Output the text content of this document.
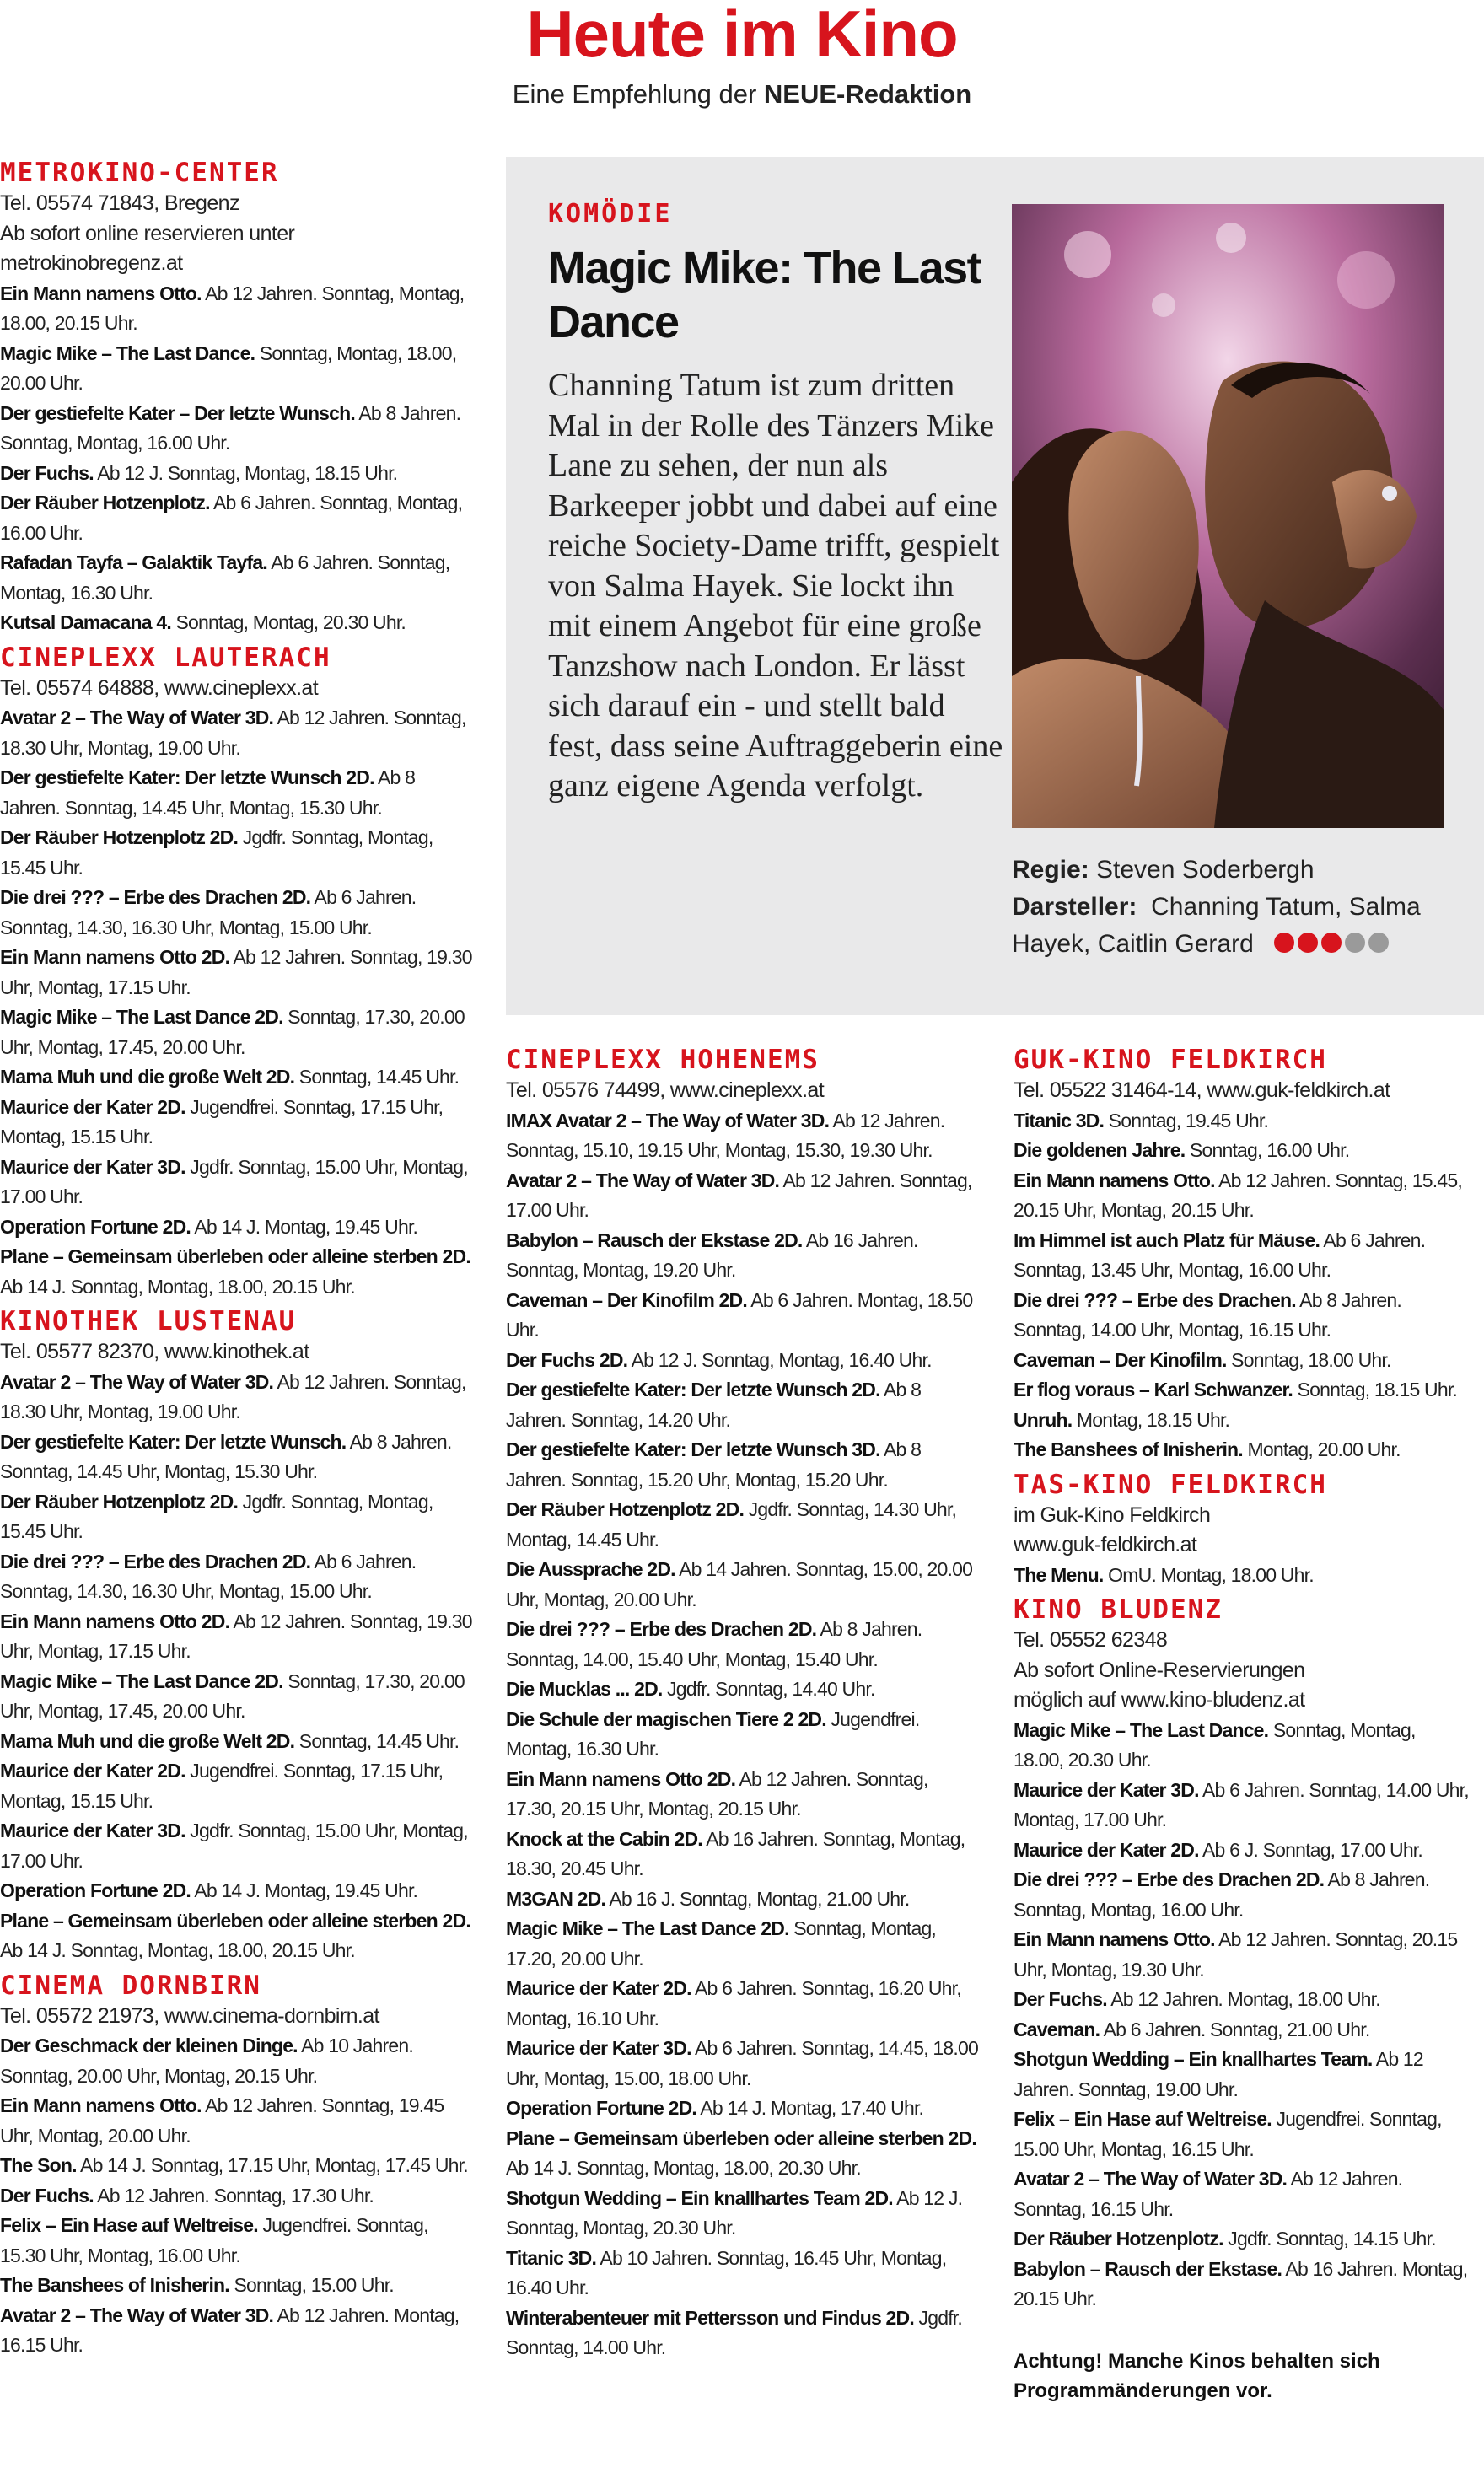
Heute im Kino
Eine Empfehlung der NEUE-Redaktion
METROKINO-CENTER
Tel. 05574 71843, Bregenz
Ab sofort online reservieren unter
metrokinobregenz.at
Ein Mann namens Otto. Ab 12 Jahren. Sonntag, Montag, 18.00, 20.15 Uhr.
Magic Mike – The Last Dance. Sonntag, Montag, 18.00, 20.00 Uhr.
Der gestiefelte Kater – Der letzte Wunsch. Ab 8 Jahren. Sonntag, Montag, 16.00 Uhr.
Der Fuchs. Ab 12 J. Sonntag, Montag, 18.15 Uhr.
Der Räuber Hotzenplotz. Ab 6 Jahren. Sonntag, Montag, 16.00 Uhr.
Rafadan Tayfa – Galaktik Tayfa. Ab 6 Jahren. Sonntag, Montag, 16.30 Uhr.
Kutsal Damacana 4. Sonntag, Montag, 20.30 Uhr.
CINEPLEXX LAUTERACH
Tel. 05574 64888, www.cineplexx.at
Avatar 2 – The Way of Water 3D. Ab 12 Jahren. Sonntag, 18.30 Uhr, Montag, 19.00 Uhr.
Der gestiefelte Kater: Der letzte Wunsch 2D. Ab 8 Jahren. Sonntag, 14.45 Uhr, Montag, 15.30 Uhr.
Der Räuber Hotzenplotz 2D. Jgdfr. Sonntag, Montag, 15.45 Uhr.
Die drei ??? – Erbe des Drachen 2D. Ab 6 Jahren. Sonntag, 14.30, 16.30 Uhr, Montag, 15.00 Uhr.
Ein Mann namens Otto 2D. Ab 12 Jahren. Sonntag, 19.30 Uhr, Montag, 17.15 Uhr.
Magic Mike – The Last Dance 2D. Sonntag, 17.30, 20.00 Uhr, Montag, 17.45, 20.00 Uhr.
Mama Muh und die große Welt 2D. Sonntag, 14.45 Uhr.
Maurice der Kater 2D. Jugendfrei. Sonntag, 17.15 Uhr, Montag, 15.15 Uhr.
Maurice der Kater 3D. Jgdfr. Sonntag, 15.00 Uhr, Montag, 17.00 Uhr.
Operation Fortune 2D. Ab 14 J. Montag, 19.45 Uhr.
Plane – Gemeinsam überleben oder alleine sterben 2D. Ab 14 J. Sonntag, Montag, 18.00, 20.15 Uhr.
KINOTHEK LUSTENAU
Tel. 05577 82370, www.kinothek.at
Avatar 2 – The Way of Water 3D. Ab 12 Jahren. Sonntag, 18.30 Uhr, Montag, 19.00 Uhr.
Der gestiefelte Kater: Der letzte Wunsch. Ab 8 Jahren. Sonntag, 14.45 Uhr, Montag, 15.30 Uhr.
Der Räuber Hotzenplotz 2D. Jgdfr. Sonntag, Montag, 15.45 Uhr.
Die drei ??? – Erbe des Drachen 2D. Ab 6 Jahren. Sonntag, 14.30, 16.30 Uhr, Montag, 15.00 Uhr.
Ein Mann namens Otto 2D. Ab 12 Jahren. Sonntag, 19.30 Uhr, Montag, 17.15 Uhr.
Magic Mike – The Last Dance 2D. Sonntag, 17.30, 20.00 Uhr, Montag, 17.45, 20.00 Uhr.
Mama Muh und die große Welt 2D. Sonntag, 14.45 Uhr.
Maurice der Kater 2D. Jugendfrei. Sonntag, 17.15 Uhr, Montag, 15.15 Uhr.
Maurice der Kater 3D. Jgdfr. Sonntag, 15.00 Uhr, Montag, 17.00 Uhr.
Operation Fortune 2D. Ab 14 J. Montag, 19.45 Uhr.
Plane – Gemeinsam überleben oder alleine sterben 2D. Ab 14 J. Sonntag, Montag, 18.00, 20.15 Uhr.
CINEMA DORNBIRN
Tel. 05572 21973, www.cinema-dornbirn.at
Der Geschmack der kleinen Dinge. Ab 10 Jahren. Sonntag, 20.00 Uhr, Montag, 20.15 Uhr.
Ein Mann namens Otto. Ab 12 Jahren. Sonntag, 19.45 Uhr, Montag, 20.00 Uhr.
The Son. Ab 14 J. Sonntag, 17.15 Uhr, Montag, 17.45 Uhr.
Der Fuchs. Ab 12 Jahren. Sonntag, 17.30 Uhr.
Felix – Ein Hase auf Weltreise. Jugendfrei. Sonntag, 15.30 Uhr, Montag, 16.00 Uhr.
The Banshees of Inisherin. Sonntag, 15.00 Uhr.
Avatar 2 – The Way of Water 3D. Ab 12 Jahren. Montag, 16.15 Uhr.
KOMÖDIE
Magic Mike: The Last Dance
Channing Tatum ist zum dritten Mal in der Rolle des Tänzers Mike Lane zu sehen, der nun als Barkeeper jobbt und dabei auf eine reiche Society-Dame trifft, gespielt von Salma Hayek. Sie lockt ihn mit einem Angebot für eine große Tanzshow nach London. Er lässt sich darauf ein - und stellt bald fest, dass seine Auftraggeberin eine ganz eigene Agenda verfolgt.
Regie: Steven Soderbergh
Darsteller: Channing Tatum, Salma Hayek, Caitlin Gerard
CINEPLEXX HOHENEMS
Tel. 05576 74499, www.cineplexx.at
IMAX Avatar 2 – The Way of Water 3D. Ab 12 Jahren. Sonntag, 15.10, 19.15 Uhr, Montag, 15.30, 19.30 Uhr.
Avatar 2 – The Way of Water 3D. Ab 12 Jahren. Sonntag, 17.00 Uhr.
Babylon – Rausch der Ekstase 2D. Ab 16 Jahren. Sonntag, Montag, 19.20 Uhr.
Caveman – Der Kinofilm 2D. Ab 6 Jahren. Montag, 18.50 Uhr.
Der Fuchs 2D. Ab 12 J. Sonntag, Montag, 16.40 Uhr.
Der gestiefelte Kater: Der letzte Wunsch 2D. Ab 8 Jahren. Sonntag, 14.20 Uhr.
Der gestiefelte Kater: Der letzte Wunsch 3D. Ab 8 Jahren. Sonntag, 15.20 Uhr, Montag, 15.20 Uhr.
Der Räuber Hotzenplotz 2D. Jgdfr. Sonntag, 14.30 Uhr, Montag, 14.45 Uhr.
Die Aussprache 2D. Ab 14 Jahren. Sonntag, 15.00, 20.00 Uhr, Montag, 20.00 Uhr.
Die drei ??? – Erbe des Drachen 2D. Ab 8 Jahren. Sonntag, 14.00, 15.40 Uhr, Montag, 15.40 Uhr.
Die Mucklas ... 2D. Jgdfr. Sonntag, 14.40 Uhr.
Die Schule der magischen Tiere 2 2D. Jugendfrei. Montag, 16.30 Uhr.
Ein Mann namens Otto 2D. Ab 12 Jahren. Sonntag, 17.30, 20.15 Uhr, Montag, 20.15 Uhr.
Knock at the Cabin 2D. Ab 16 Jahren. Sonntag, Montag, 18.30, 20.45 Uhr.
M3GAN 2D. Ab 16 J. Sonntag, Montag, 21.00 Uhr.
Magic Mike – The Last Dance 2D. Sonntag, Montag, 17.20, 20.00 Uhr.
Maurice der Kater 2D. Ab 6 Jahren. Sonntag, 16.20 Uhr, Montag, 16.10 Uhr.
Maurice der Kater 3D. Ab 6 Jahren. Sonntag, 14.45, 18.00 Uhr, Montag, 15.00, 18.00 Uhr.
Operation Fortune 2D. Ab 14 J. Montag, 17.40 Uhr.
Plane – Gemeinsam überleben oder alleine sterben 2D. Ab 14 J. Sonntag, Montag, 18.00, 20.30 Uhr.
Shotgun Wedding – Ein knallhartes Team 2D. Ab 12 J. Sonntag, Montag, 20.30 Uhr.
Titanic 3D. Ab 10 Jahren. Sonntag, 16.45 Uhr, Montag, 16.40 Uhr.
Winterabenteuer mit Pettersson und Findus 2D. Jgdfr. Sonntag, 14.00 Uhr.
GUK-KINO FELDKIRCH
Tel. 05522 31464-14, www.guk-feldkirch.at
Titanic 3D. Sonntag, 19.45 Uhr.
Die goldenen Jahre. Sonntag, 16.00 Uhr.
Ein Mann namens Otto. Ab 12 Jahren. Sonntag, 15.45, 20.15 Uhr, Montag, 20.15 Uhr.
Im Himmel ist auch Platz für Mäuse. Ab 6 Jahren. Sonntag, 13.45 Uhr, Montag, 16.00 Uhr.
Die drei ??? – Erbe des Drachen. Ab 8 Jahren. Sonntag, 14.00 Uhr, Montag, 16.15 Uhr.
Caveman – Der Kinofilm. Sonntag, 18.00 Uhr.
Er flog voraus – Karl Schwanzer. Sonntag, 18.15 Uhr.
Unruh. Montag, 18.15 Uhr.
The Banshees of Inisherin. Montag, 20.00 Uhr.
TAS-KINO FELDKIRCH
im Guk-Kino Feldkirch
www.guk-feldkirch.at
The Menu. OmU. Montag, 18.00 Uhr.
KINO BLUDENZ
Tel. 05552 62348
Ab sofort Online-Reservierungen
möglich auf www.kino-bludenz.at
Magic Mike – The Last Dance. Sonntag, Montag, 18.00, 20.30 Uhr.
Maurice der Kater 3D. Ab 6 Jahren. Sonntag, 14.00 Uhr, Montag, 17.00 Uhr.
Maurice der Kater 2D. Ab 6 J. Sonntag, 17.00 Uhr.
Die drei ??? – Erbe des Drachen 2D. Ab 8 Jahren. Sonntag, Montag, 16.00 Uhr.
Ein Mann namens Otto. Ab 12 Jahren. Sonntag, 20.15 Uhr, Montag, 19.30 Uhr.
Der Fuchs. Ab 12 Jahren. Montag, 18.00 Uhr.
Caveman. Ab 6 Jahren. Sonntag, 21.00 Uhr.
Shotgun Wedding – Ein knallhartes Team. Ab 12 Jahren. Sonntag, 19.00 Uhr.
Felix – Ein Hase auf Weltreise. Jugendfrei. Sonntag, 15.00 Uhr, Montag, 16.15 Uhr.
Avatar 2 – The Way of Water 3D. Ab 12 Jahren. Sonntag, 16.15 Uhr.
Der Räuber Hotzenplotz. Jgdfr. Sonntag, 14.15 Uhr.
Babylon – Rausch der Ekstase. Ab 16 Jahren. Montag, 20.15 Uhr.
Achtung! Manche Kinos behalten sich Programmänderungen vor.
